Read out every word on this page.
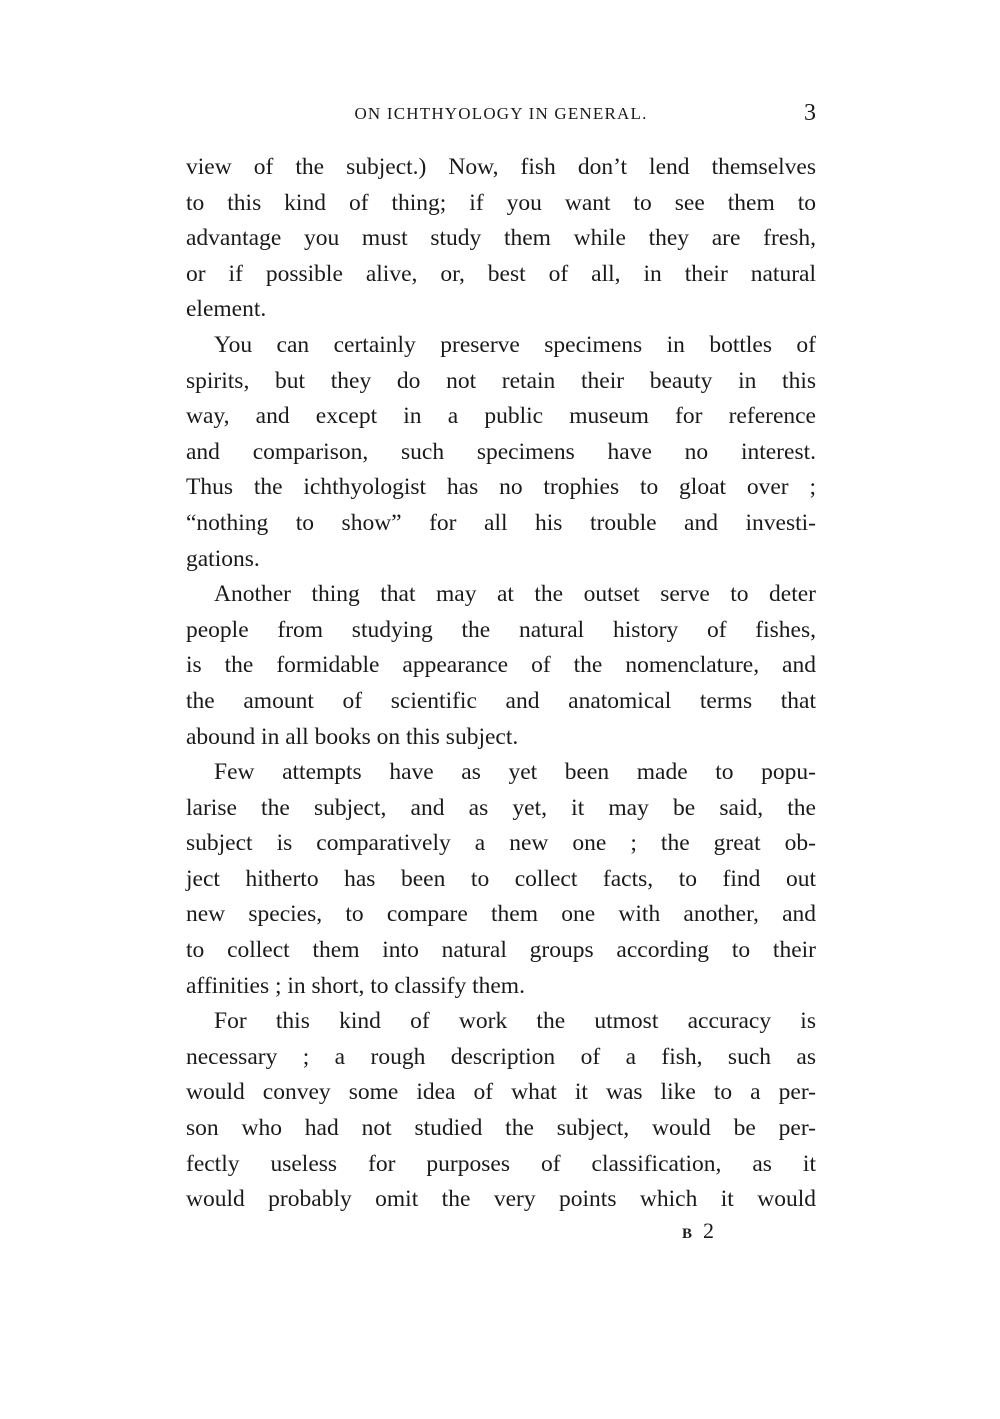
ON ICHTHYOLOGY IN GENERAL.	3
view of the subject.) Now, fish don’t lend themselves
to this kind of thing; if you want to see them to
advantage you must study them while they are fresh,
or if possible alive, or, best of all, in their natural
element.
You can certainly preserve specimens in bottles of
spirits, but they do not retain their beauty in this
way, and except in a public museum for reference
and comparison, such specimens have no interest.
Thus the ichthyologist has no trophies to gloat over ;
“nothing to show” for all his trouble and investi-
gations.
Another thing that may at the outset serve to deter
people from studying the natural history of fishes,
is the formidable appearance of the nomenclature, and
the amount of scientific and anatomical terms that
abound in all books on this subject.
Few attempts have as yet been made to popu-
larise the subject, and as yet, it may be said, the
subject is comparatively a new one ; the great ob-
ject hitherto has been to collect facts, to find out
new species, to compare them one with another, and
to collect them into natural groups according to their
affinities ; in short, to classify them.
For this kind of work the utmost accuracy is
necessary ; a rough description of a fish, such as
would convey some idea of what it was like to a per-
son who had not studied the subject, would be per-
fectly useless for purposes of classification, as it
would probably omit the very points which it would
B 2
